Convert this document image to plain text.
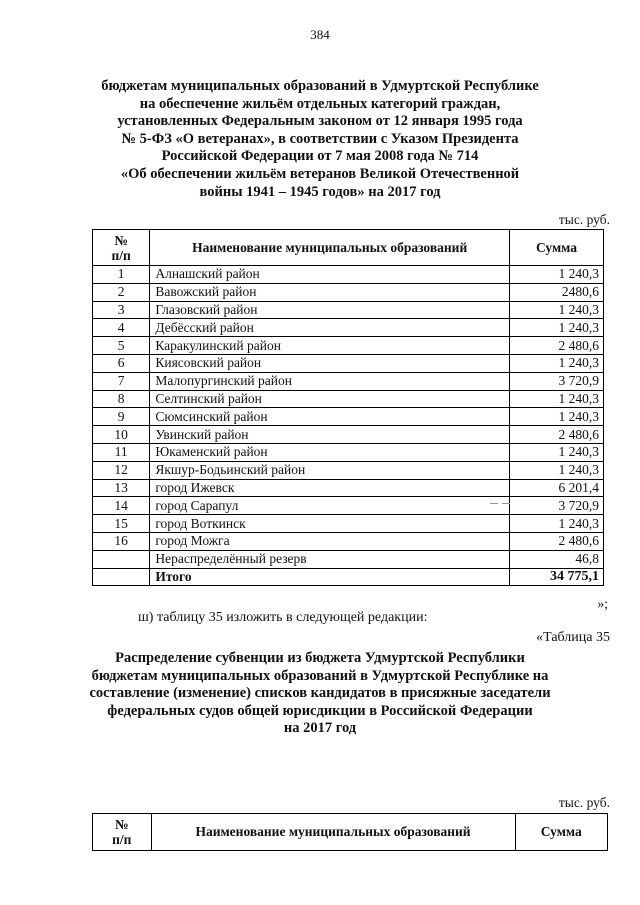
384
бюджетам муниципальных образований в Удмуртской Республике
на обеспечение жильём отдельных категорий граждан,
установленных Федеральным законом от 12 января 1995 года
№ 5-ФЗ «О ветеранах», в соответствии с Указом Президента
Российской Федерации от 7 мая 2008 года № 714
«Об обеспечении жильём ветеранов Великой Отечественной
войны 1941 – 1945 годов» на 2017 год
тыс. руб.
№
п/п	Наименование муниципальных образований	Сумма
1	Алнашский район	1 240,3
2	Вавожский район	2480,6
3	Глазовский район	1 240,3
4	Дебёсский район	1 240,3
5	Каракулинский район	2 480,6
6	Киясовский район	1 240,3
7	Малопургинский район	3 720,9
8	Селтинский район	1 240,3
9	Сюмсинский район	1 240,3
10	Увинский район	2 480,6
11	Юкаменский район	1 240,3
12	Якшур-Бодьинский район	1 240,3
13	город Ижевск	6 201,4
14	город Сарапул	3 720,9
15	город Воткинск	1 240,3
16	город Можга	2 480,6
	Нераспределённый резерв	46,8
	Итого	34 775,1
»;
ш) таблицу 35 изложить в следующей редакции:
«Таблица 35
Распределение субвенции из бюджета Удмуртской Республики
бюджетам муниципальных образований в Удмуртской Республике на
составление (изменение) списков кандидатов в присяжные заседатели
федеральных судов общей юрисдикции в Российской Федерации
на 2017 год
тыс. руб.
№
п/п	Наименование муниципальных образований	Сумма
